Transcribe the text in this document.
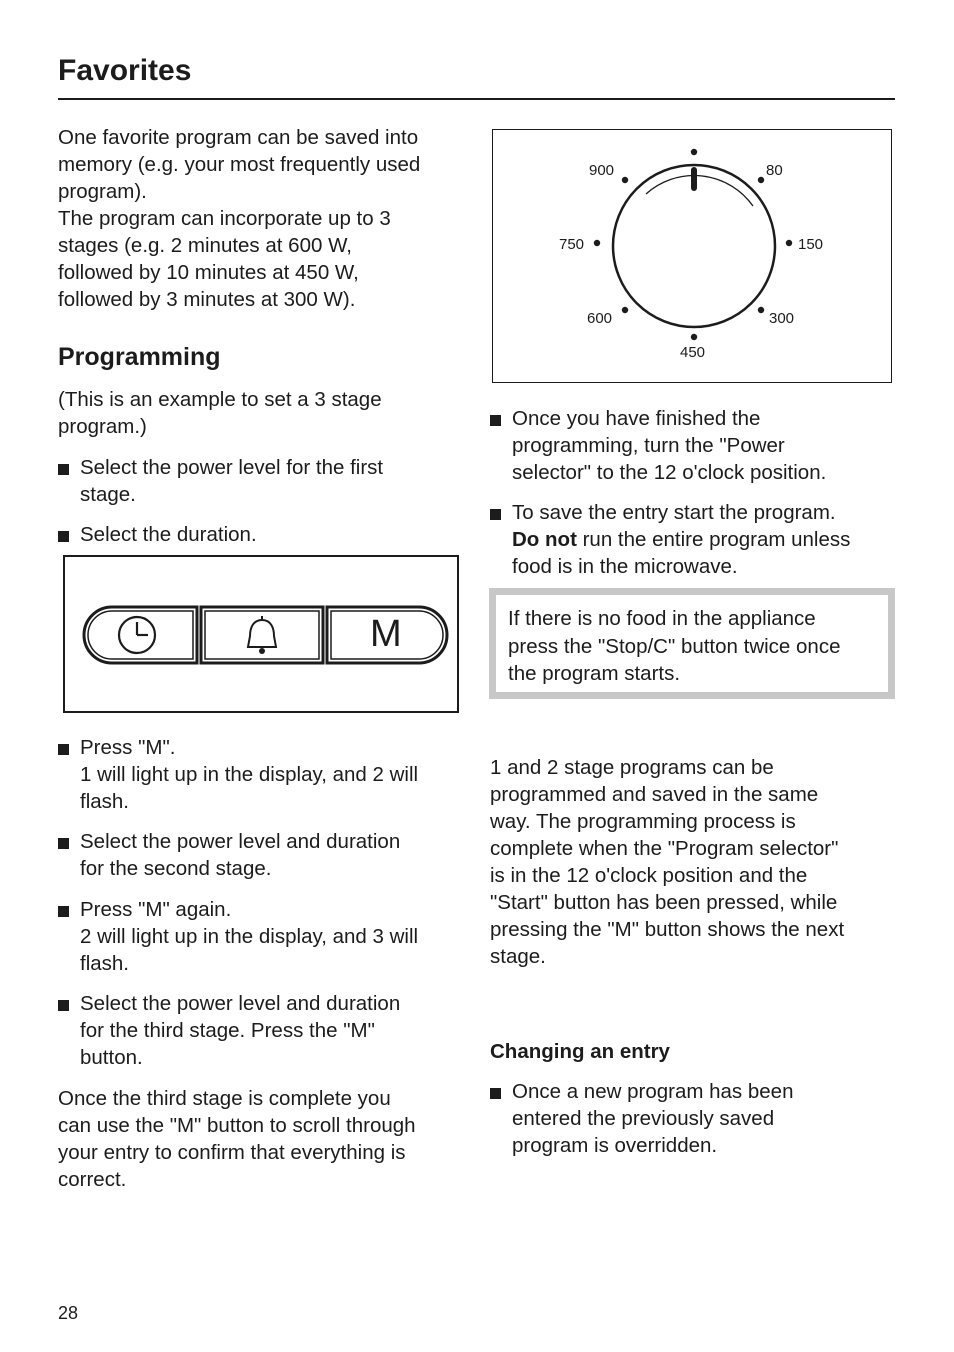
Favorites

One favorite program can be saved into
memory (e.g. your most frequently used
program).
The program can incorporate up to 3
stages (e.g. 2 minutes at 600 W,
followed by 10 minutes at 450 W,
followed by 3 minutes at 300 W).

Programming

(This is an example to set a 3 stage
program.)

Select the power level for the first
stage.
Select the duration.
M
Press "M".
1 will light up in the display, and 2 will
flash.
Select the power level and duration
for the second stage.
Press "M" again.
2 will light up in the display, and 3 will
flash.
Select the power level and duration
for the third stage. Press the "M"
button.

Once the third stage is complete you
can use the "M" button to scroll through
your entry to confirm that everything is
correct.

900	80
750	150
600	300
450
Once you have finished the
programming, turn the "Power
selector" to the 12 o'clock position.
To save the entry start the program.
Do not run the entire program unless
food is in the microwave.
If there is no food in the appliance
press the "Stop/C" button twice once
the program starts.

1 and 2 stage programs can be
programmed and saved in the same
way. The programming process is
complete when the "Program selector"
is in the 12 o'clock position and the
"Start" button has been pressed, while
pressing the "M" button shows the next
stage.

Changing an entry
Once a new program has been
entered the previously saved
program is overridden.
28
